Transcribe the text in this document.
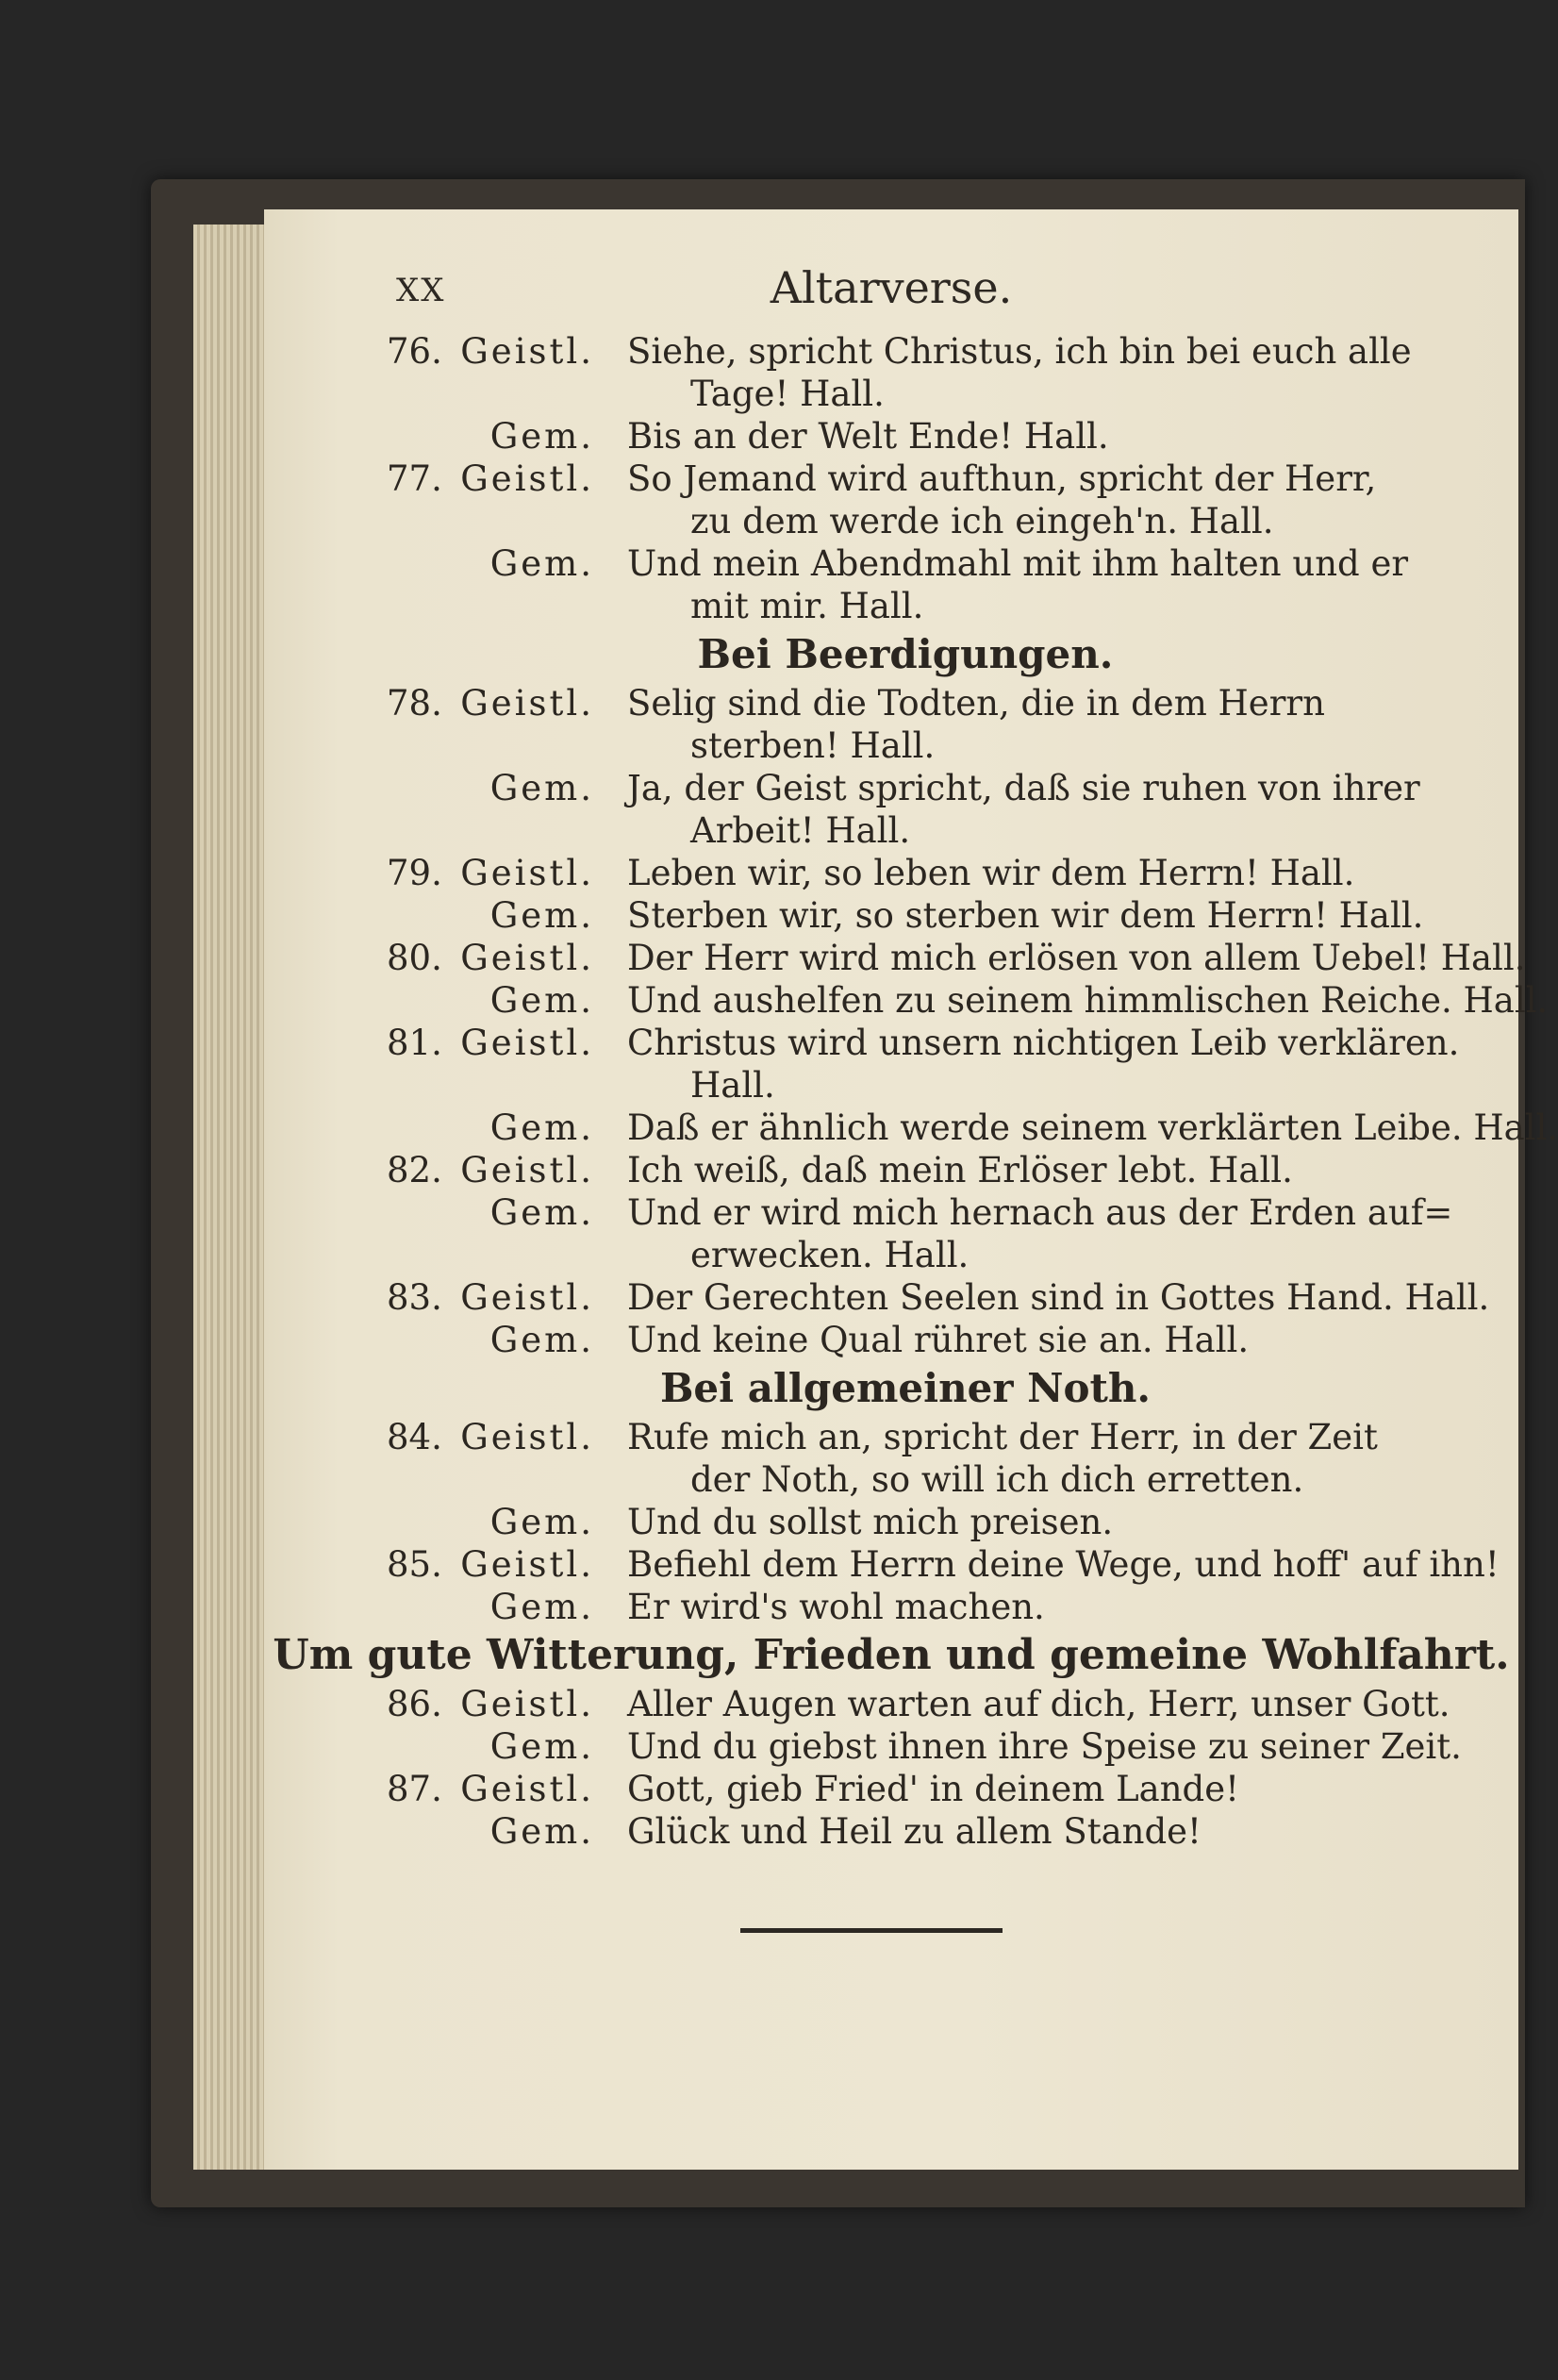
XX	Altarverse.
76. Geistl. Siehe, spricht Christus, ich bin bei euch alle
Tage! Hall.
Gem. Bis an der Welt Ende! Hall.
77. Geistl. So Jemand wird aufthun, spricht der Herr,
zu dem werde ich eingeh'n. Hall.
Gem. Und mein Abendmahl mit ihm halten und er
mit mir. Hall.
Bei Beerdigungen.
78. Geistl. Selig sind die Todten, die in dem Herrn
sterben! Hall.
Gem. Ja, der Geist spricht, daß sie ruhen von ihrer
Arbeit! Hall.
79. Geistl. Leben wir, so leben wir dem Herrn! Hall.
Gem. Sterben wir, so sterben wir dem Herrn! Hall.
80. Geistl. Der Herr wird mich erlösen von allem Uebel! Hall.
Gem. Und aushelfen zu seinem himmlischen Reiche. Hall.
81. Geistl. Christus wird unsern nichtigen Leib verklären.
Hall.
Gem. Daß er ähnlich werde seinem verklärten Leibe. Hall.
82. Geistl. Ich weiß, daß mein Erlöser lebt. Hall.
Gem. Und er wird mich hernach aus der Erden auf=
erwecken. Hall.
83. Geistl. Der Gerechten Seelen sind in Gottes Hand. Hall.
Gem. Und keine Qual rühret sie an. Hall.
Bei allgemeiner Noth.
84. Geistl. Rufe mich an, spricht der Herr, in der Zeit
der Noth, so will ich dich erretten.
Gem. Und du sollst mich preisen.
85. Geistl. Befiehl dem Herrn deine Wege, und hoff' auf ihn!
Gem. Er wird's wohl machen.
Um gute Witterung, Frieden und gemeine Wohlfahrt.
86. Geistl. Aller Augen warten auf dich, Herr, unser Gott.
Gem. Und du giebst ihnen ihre Speise zu seiner Zeit.
87. Geistl. Gott, gieb Fried' in deinem Lande!
Gem. Glück und Heil zu allem Stande!
